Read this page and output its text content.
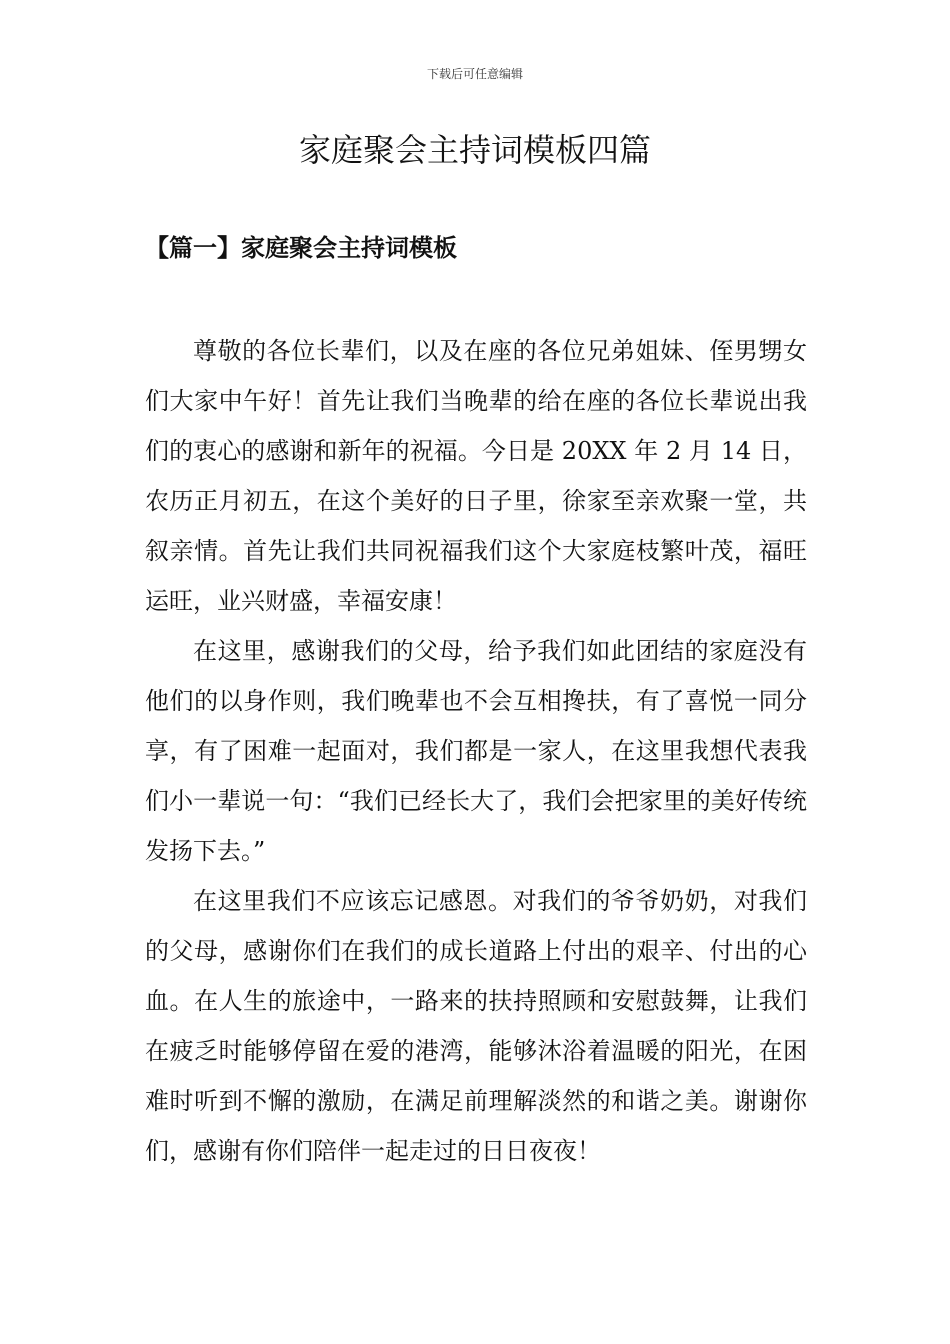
下载后可任意编辑
家庭聚会主持词模板四篇
【篇一】家庭聚会主持词模板

尊敬的各位长辈们，以及在座的各位兄弟姐妹、侄男甥女们大家中午好！首先让我们当晚辈的给在座的各位长辈说出我们的衷心的感谢和新年的祝福。今日是 20XX 年 2 月 14 日，农历正月初五，在这个美好的日子里，徐家至亲欢聚一堂，共叙亲情。首先让我们共同祝福我们这个大家庭枝繁叶茂，福旺运旺，业兴财盛，幸福安康！

在这里，感谢我们的父母，给予我们如此团结的家庭没有他们的以身作则，我们晚辈也不会互相搀扶，有了喜悦一同分享，有了困难一起面对，我们都是一家人，在这里我想代表我们小一辈说一句：“我们已经长大了，我们会把家里的美好传统发扬下去。”

在这里我们不应该忘记感恩。对我们的爷爷奶奶，对我们的父母，感谢你们在我们的成长道路上付出的艰辛、付出的心血。在人生的旅途中，一路来的扶持照顾和安慰鼓舞，让我们在疲乏时能够停留在爱的港湾，能够沐浴着温暖的阳光，在困难时听到不懈的激励，在满足前理解淡然的和谐之美。谢谢你们，感谢有你们陪伴一起走过的日日夜夜！
